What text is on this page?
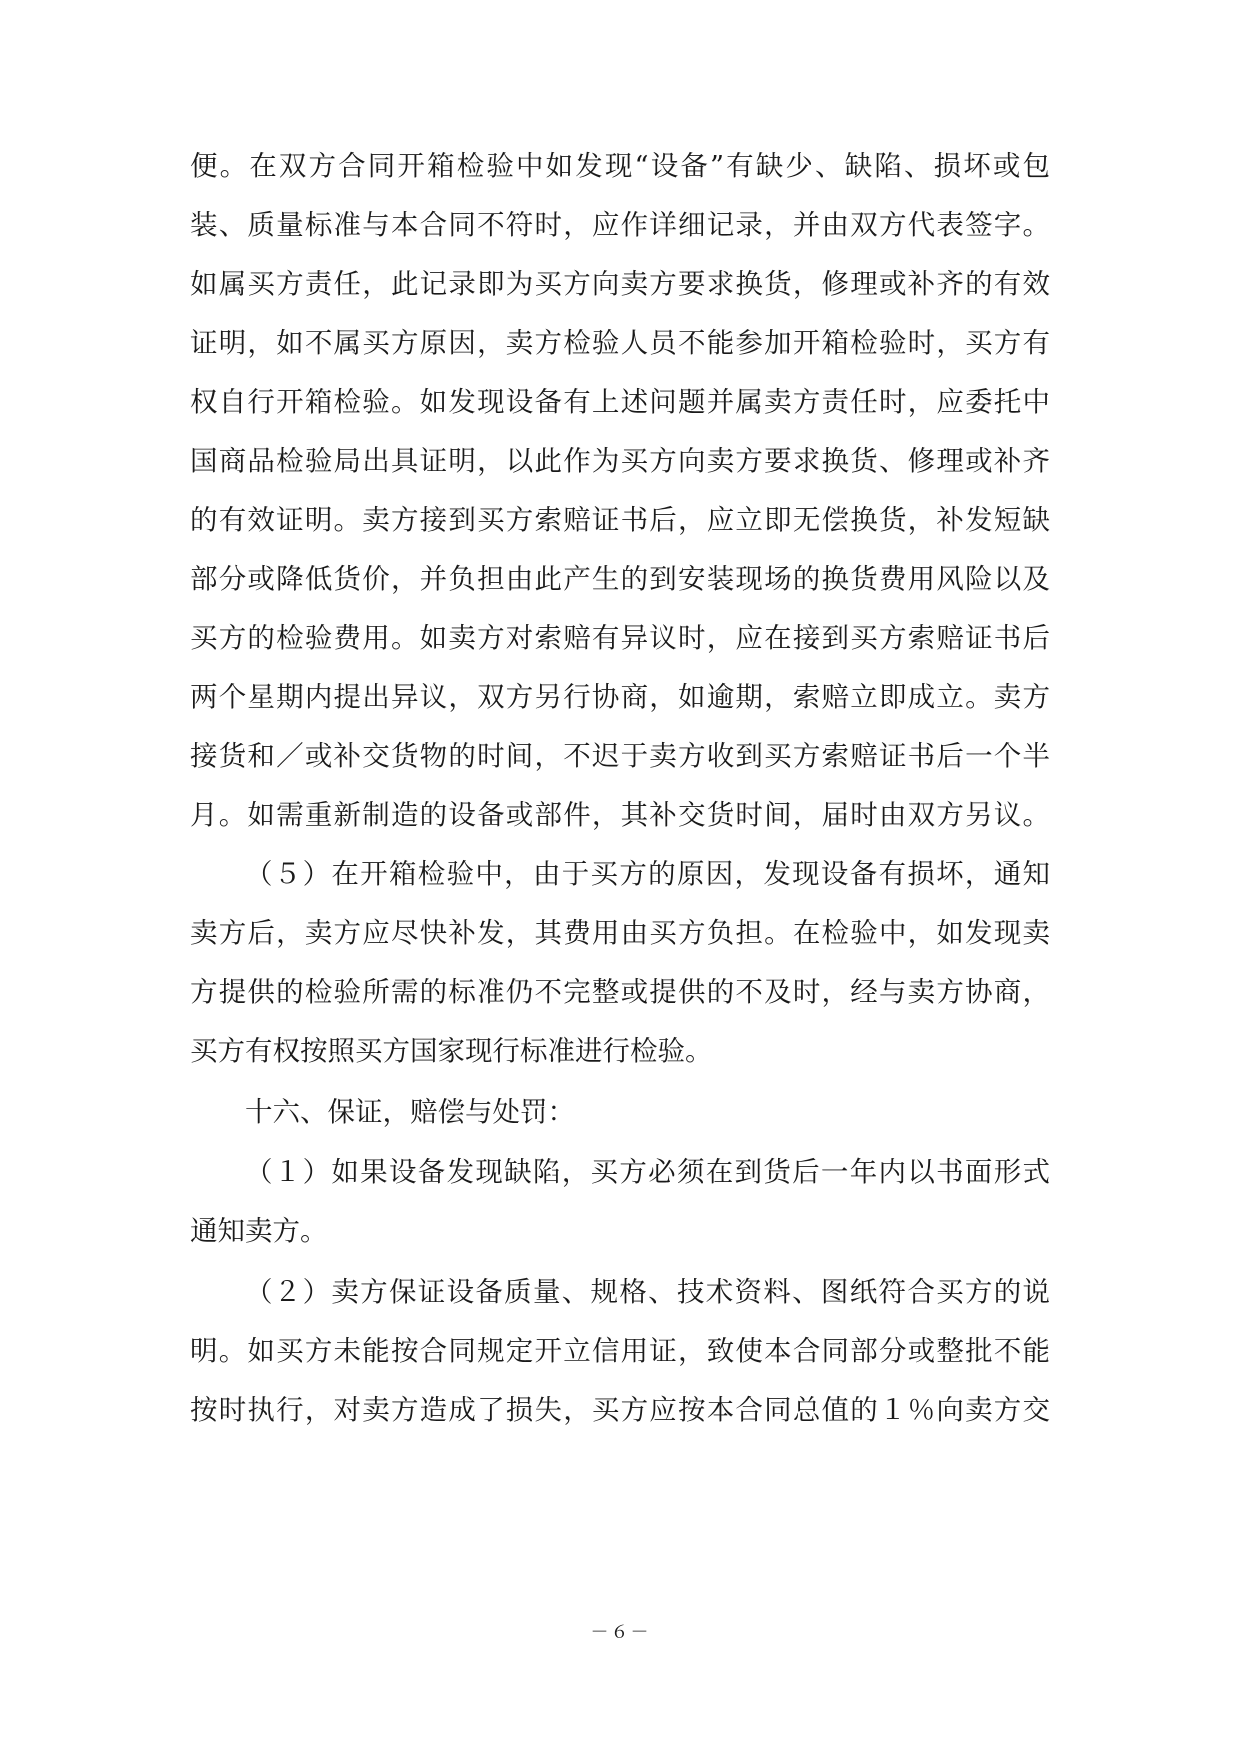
便。在双方合同开箱检验中如发现“设备”有缺少、缺陷、损坏或包
装、质量标准与本合同不符时，应作详细记录，并由双方代表签字。
如属买方责任，此记录即为买方向卖方要求换货，修理或补齐的有效
证明，如不属买方原因，卖方检验人员不能参加开箱检验时，买方有
权自行开箱检验。如发现设备有上述问题并属卖方责任时，应委托中
国商品检验局出具证明，以此作为买方向卖方要求换货、修理或补齐
的有效证明。卖方接到买方索赔证书后，应立即无偿换货，补发短缺
部分或降低货价，并负担由此产生的到安装现场的换货费用风险以及
买方的检验费用。如卖方对索赔有异议时，应在接到买方索赔证书后
两个星期内提出异议，双方另行协商，如逾期，索赔立即成立。卖方
接货和／或补交货物的时间，不迟于卖方收到买方索赔证书后一个半
月。如需重新制造的设备或部件，其补交货时间，届时由双方另议。
（５）在开箱检验中，由于买方的原因，发现设备有损坏，通知
卖方后，卖方应尽快补发，其费用由买方负担。在检验中，如发现卖
方提供的检验所需的标准仍不完整或提供的不及时，经与卖方协商，
买方有权按照买方国家现行标准进行检验。
十六、保证，赔偿与处罚：
（１）如果设备发现缺陷，买方必须在到货后一年内以书面形式
通知卖方。
（２）卖方保证设备质量、规格、技术资料、图纸符合买方的说
明。如买方未能按合同规定开立信用证，致使本合同部分或整批不能
按时执行，对卖方造成了损失，买方应按本合同总值的１％向卖方交
－６－
